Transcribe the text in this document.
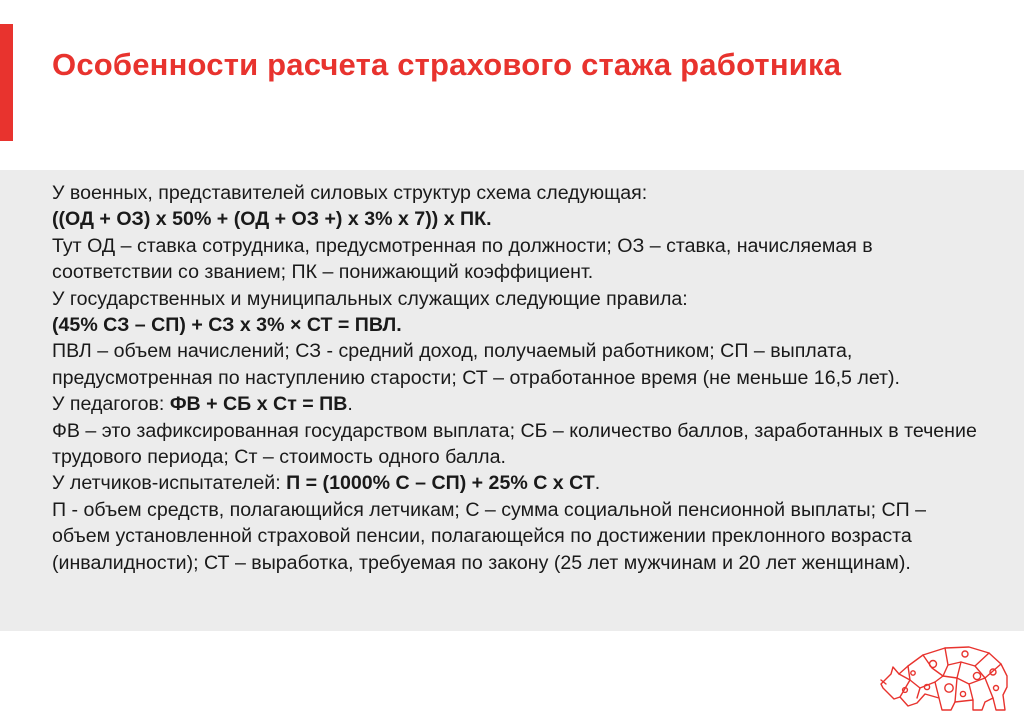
Особенности расчета страхового стажа работника

У военных, представителей силовых структур схема следующая:

((ОД + ОЗ) х 50% + (ОД + ОЗ +) х 3% х 7)) х ПК.

Тут ОД – ставка сотрудника, предусмотренная по должности; ОЗ – ставка, начисляемая в соответствии со званием; ПК – понижающий коэффициент.

У государственных и муниципальных служащих следующие правила:

(45% СЗ – СП) + СЗ х 3% × СТ = ПВЛ.

ПВЛ – объем начислений; СЗ - средний доход, получаемый работником; СП – выплата, предусмотренная по наступлению старости; СТ – отработанное время (не меньше 16,5 лет).

У педагогов: ФВ + СБ х Ст = ПВ.

ФВ – это зафиксированная государством выплата; СБ – количество баллов, заработанных в течение трудового периода; Ст – стоимость одного балла.

У летчиков-испытателей: П = (1000% С – СП) + 25% С х СТ.

П - объем средств, полагающийся летчикам; С – сумма социальной пенсионной выплаты; СП – объем установленной страховой пенсии, полагающейся по достижении преклонного возраста (инвалидности); СТ – выработка, требуемая по закону (25 лет мужчинам и 20 лет женщинам).
